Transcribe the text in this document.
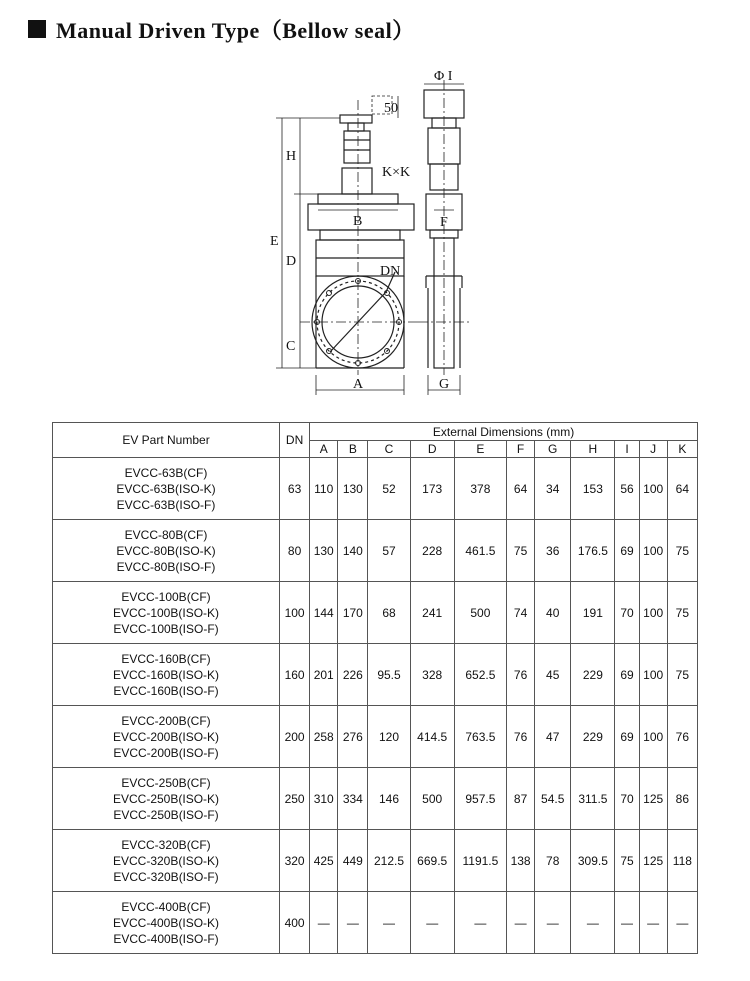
Manual Driven Type（Bellow seal）
H
E
D
C
A
B
DN
K×K
50
Φ I
F
G
EV Part Number	DN	External Dimensions (mm)										
		A	B	C	D	E	F	G	H	I	J	K

EVCC-63B(CF)
EVCC-63B(ISO-K)
EVCC-63B(ISO-F)	63	110	130	52	173	378	64	34	153	56	100	64

EVCC-80B(CF)
EVCC-80B(ISO-K)
EVCC-80B(ISO-F)	80	130	140	57	228	461.5	75	36	176.5	69	100	75

EVCC-100B(CF)
EVCC-100B(ISO-K)
EVCC-100B(ISO-F)	100	144	170	68	241	500	74	40	191	70	100	75

EVCC-160B(CF)
EVCC-160B(ISO-K)
EVCC-160B(ISO-F)	160	201	226	95.5	328	652.5	76	45	229	69	100	75

EVCC-200B(CF)
EVCC-200B(ISO-K)
EVCC-200B(ISO-F)	200	258	276	120	414.5	763.5	76	47	229	69	100	76

EVCC-250B(CF)
EVCC-250B(ISO-K)
EVCC-250B(ISO-F)	250	310	334	146	500	957.5	87	54.5	311.5	70	125	86

EVCC-320B(CF)
EVCC-320B(ISO-K)
EVCC-320B(ISO-F)	320	425	449	212.5	669.5	1191.5	138	78	309.5	75	125	118

EVCC-400B(CF)
EVCC-400B(ISO-K)
EVCC-400B(ISO-F)	400	—	—	—	—	—	—	—	—	—	—	—
